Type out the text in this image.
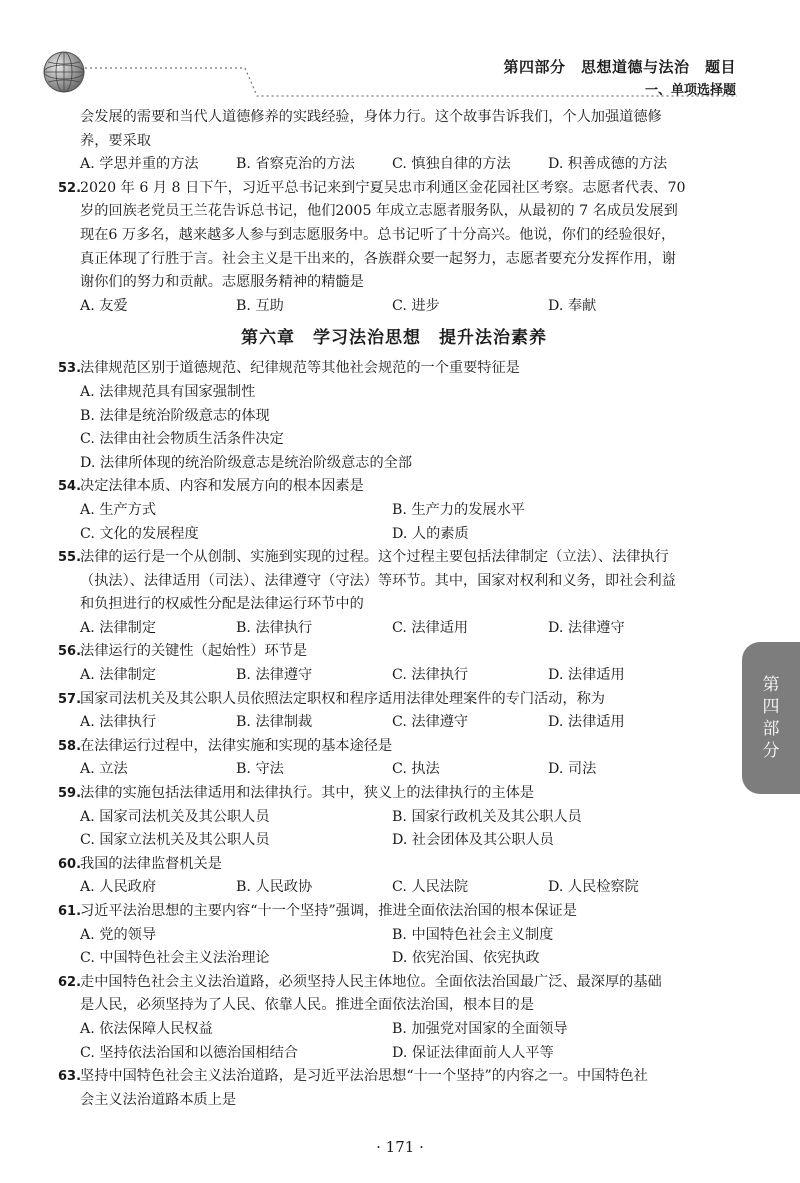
第四部分　思想道德与法治　题目
一、单项选择题
会发展的需要和当代人道德修养的实践经验，身体力行。这个故事告诉我们，个人加强道德修
养，要采取
A. 学思并重的方法	B. 省察克治的方法	C. 慎独自律的方法	D. 积善成德的方法
52.2020 年 6 月 8 日下午，习近平总书记来到宁夏吴忠市利通区金花园社区考察。志愿者代表、70
岁的回族老党员王兰花告诉总书记，他们2005 年成立志愿者服务队，从最初的 7 名成员发展到
现在6 万多名，越来越多人参与到志愿服务中。总书记听了十分高兴。他说，你们的经验很好，
真正体现了行胜于言。社会主义是干出来的，各族群众要一起努力，志愿者要充分发挥作用，谢
谢你们的努力和贡献。志愿服务精神的精髓是
A. 友爱	B. 互助	C. 进步	D. 奉献
第六章　学习法治思想　提升法治素养
53.法律规范区别于道德规范、纪律规范等其他社会规范的一个重要特征是
A. 法律规范具有国家强制性
B. 法律是统治阶级意志的体现
C. 法律由社会物质生活条件决定
D. 法律所体现的统治阶级意志是统治阶级意志的全部
54.决定法律本质、内容和发展方向的根本因素是
A. 生产方式	B. 生产力的发展水平
C. 文化的发展程度	D. 人的素质
55.法律的运行是一个从创制、实施到实现的过程。这个过程主要包括法律制定（立法）、法律执行
（执法）、法律适用（司法）、法律遵守（守法）等环节。其中，国家对权利和义务，即社会利益
和负担进行的权威性分配是法律运行环节中的
A. 法律制定	B. 法律执行	C. 法律适用	D. 法律遵守
56.法律运行的关键性（起始性）环节是
A. 法律制定	B. 法律遵守	C. 法律执行	D. 法律适用
57.国家司法机关及其公职人员依照法定职权和程序适用法律处理案件的专门活动，称为
A. 法律执行	B. 法律制裁	C. 法律遵守	D. 法律适用
58.在法律运行过程中，法律实施和实现的基本途径是
A. 立法	B. 守法	C. 执法	D. 司法
59.法律的实施包括法律适用和法律执行。其中，狭义上的法律执行的主体是
A. 国家司法机关及其公职人员	B. 国家行政机关及其公职人员
C. 国家立法机关及其公职人员	D. 社会团体及其公职人员
60.我国的法律监督机关是
A. 人民政府	B. 人民政协	C. 人民法院	D. 人民检察院
61.习近平法治思想的主要内容“十一个坚持”强调，推进全面依法治国的根本保证是
A. 党的领导	B. 中国特色社会主义制度
C. 中国特色社会主义法治理论	D. 依宪治国、依宪执政
62.走中国特色社会主义法治道路，必须坚持人民主体地位。全面依法治国最广泛、最深厚的基础
是人民，必须坚持为了人民、依靠人民。推进全面依法治国，根本目的是
A. 依法保障人民权益	B. 加强党对国家的全面领导
C. 坚持依法治国和以德治国相结合	D. 保证法律面前人人平等
63.坚持中国特色社会主义法治道路，是习近平法治思想“十一个坚持”的内容之一。中国特色社
会主义法治道路本质上是
第
四
部
分
· 171 ·
